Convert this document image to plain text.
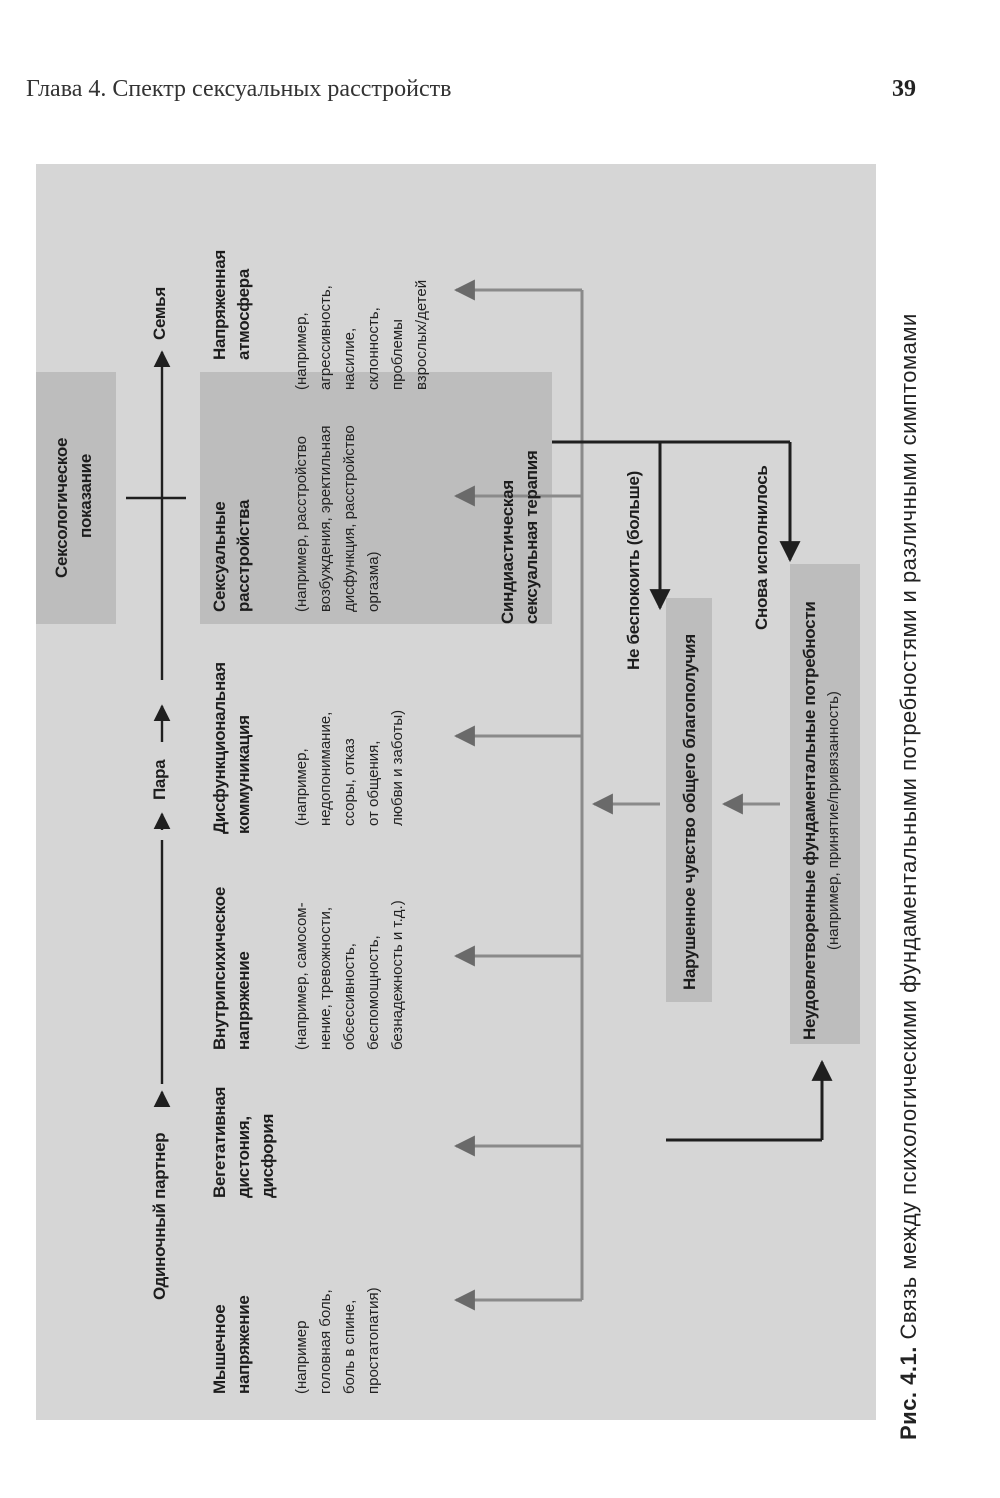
Глава 4. Спектр сексуальных расстройств	39
Одиночный партнер
Пара
Семья
Сексологическое показание
Мышечное напряжение
Вегетативная дистония, дисфория
Внутрипсихическое напряжение
Дисфункциональная коммуникация
Сексуальные расстройства
Напряженная атмосфера
(например головная боль, боль в спине, простатопатия)
(например, самосом- нение, тревожности, обсессивность, беспомощность, безнадежность и т.д.)
(например, недопонимание, ссоры, отказ от общения, любви и заботы)
(например, расстройство возбуждения, эректильная дисфункция, расстройство оргазма)
(например, агрессивность, насилие, склонность, проблемы взрослых/детей
Синдиастическая сексуальная терапия	Не беспокоить (больше)	Снова исполнилось
Нарушенное чувство общего благополучия	Неудовлетворенные фундаментальные потребности (например, принятие/привязанность)
Рис. 4.1. Связь между психологическими фундаментальными потребностями и различными симптомами
